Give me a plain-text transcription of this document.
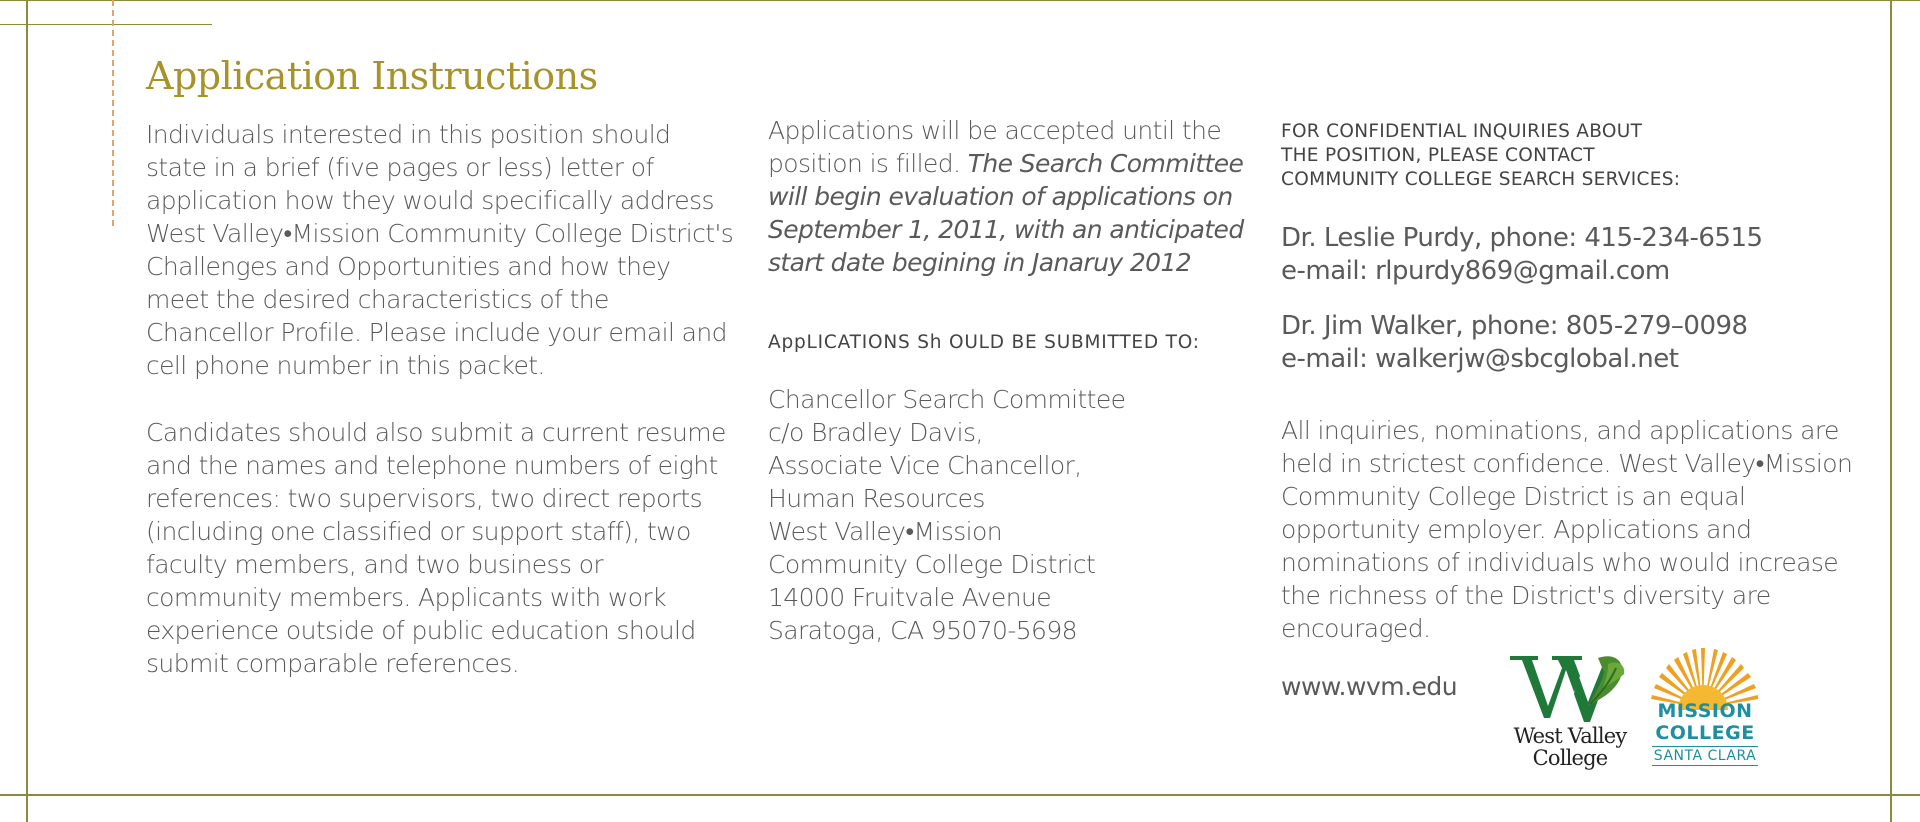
Application Instructions

Individuals interested in this position should state in a brief (five pages or less) letter of application how they would specifically address West Valley•Mission Community College District's Challenges and Opportunities and how they meet the desired characteristics of the Chancellor Profile. Please include your email and cell phone number in this packet.

Candidates should also submit a current resume and the names and telephone numbers of eight references: two supervisors, two direct reports (including one classified or support staff), two faculty members, and two business or community members. Applicants with work experience outside of public education should submit comparable references.

Applications will be accepted until the position is filled. The Search Committee will begin evaluation of applications on September 1, 2011, with an anticipated start date begining in Janaruy 2012

AppLICATIONS Sh OULD BE SUBMITTED TO:

Chancellor Search Committee
c/o Bradley Davis,
Associate Vice Chancellor,
Human Resources
West Valley•Mission
Community College District
14000 Fruitvale Avenue
Saratoga, CA 95070-5698

FOR CONFIDENTIAL INQUIRIES ABOUT

THE POSITION, PLEASE CONTACT

COMMUNITY COLLEGE SEARCH SERVICES:

Dr. Leslie Purdy, phone: 415-234-6515

e-mail: rlpurdy869@gmail.com

Dr. Jim Walker, phone: 805-279–0098

e-mail: walkerjw@sbcglobal.net

All inquiries, nominations, and applications are held in strictest confidence. West Valley•Mission Community College District is an equal opportunity employer. Applications and nominations of individuals who would increase the richness of the District's diversity are encouraged.

www.wvm.edu
West Valley
College

MISSION

COLLEGE

SANTA CLARA
